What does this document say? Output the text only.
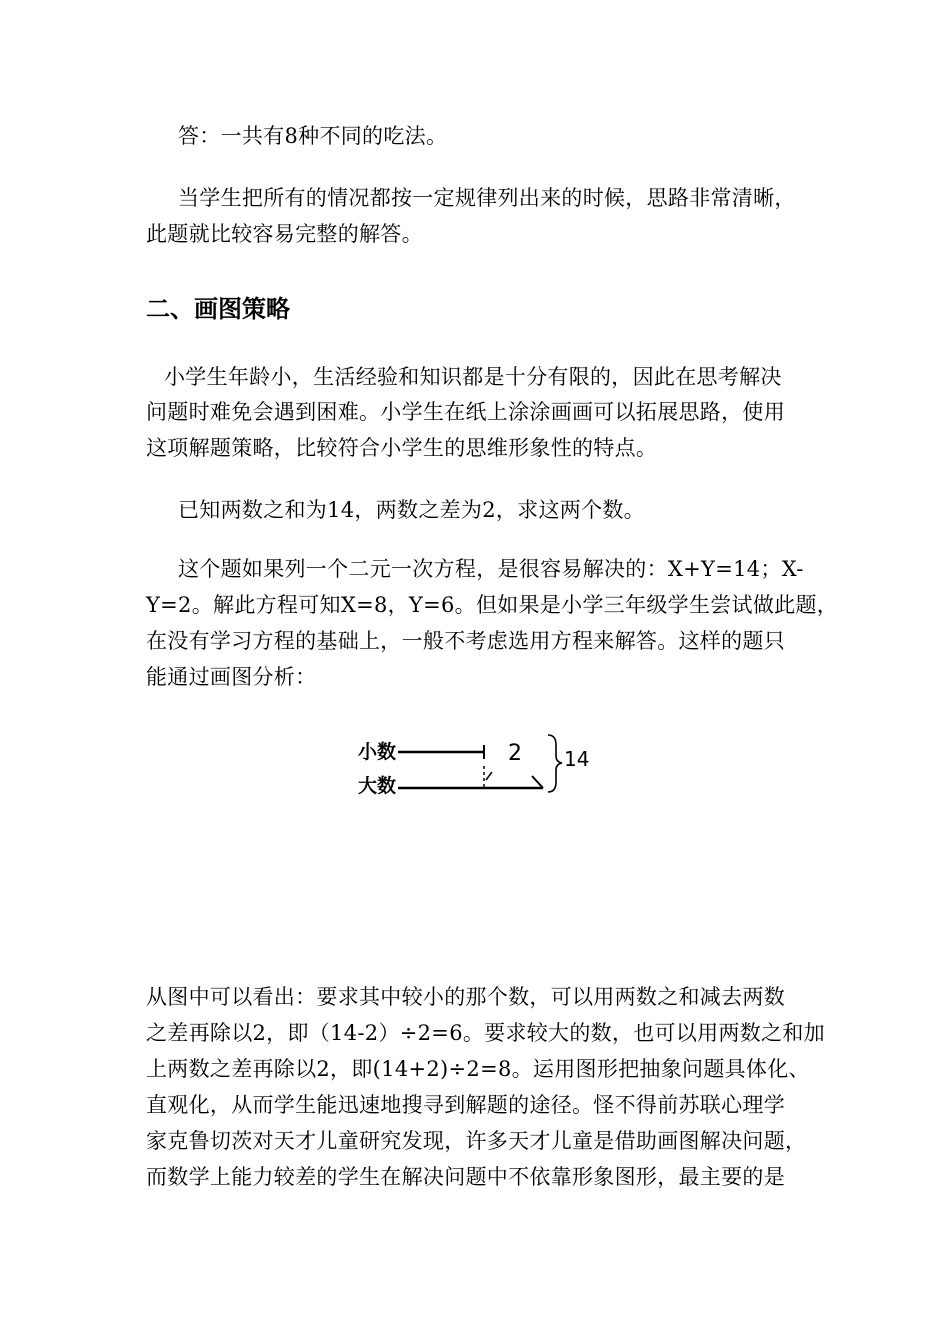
答：一共有8种不同的吃法。
当学生把所有的情况都按一定规律列出来的时候，思路非常清晰，
此题就比较容易完整的解答。
二、画图策略
小学生年龄小，生活经验和知识都是十分有限的，因此在思考解决
问题时难免会遇到困难。小学生在纸上涂涂画画可以拓展思路，使用
这项解题策略，比较符合小学生的思维形象性的特点。
已知两数之和为14，两数之差为2，求这两个数。
这个题如果列一个二元一次方程，是很容易解决的：X+Y=14；X-
Y=2。解此方程可知X=8，Y=6。但如果是小学三年级学生尝试做此题，
在没有学习方程的基础上，一般不考虑选用方程来解答。这样的题只
能通过画图分析：
小数
大数
2 14
从图中可以看出：要求其中较小的那个数，可以用两数之和减去两数
之差再除以2，即（14-2）÷2=6。要求较大的数，也可以用两数之和加
上两数之差再除以2，即(14+2)÷2=8。运用图形把抽象问题具体化、
直观化，从而学生能迅速地搜寻到解题的途径。怪不得前苏联心理学
家克鲁切茨对天才儿童研究发现，许多天才儿童是借助画图解决问题，
而数学上能力较差的学生在解决问题中不依靠形象图形，最主要的是
